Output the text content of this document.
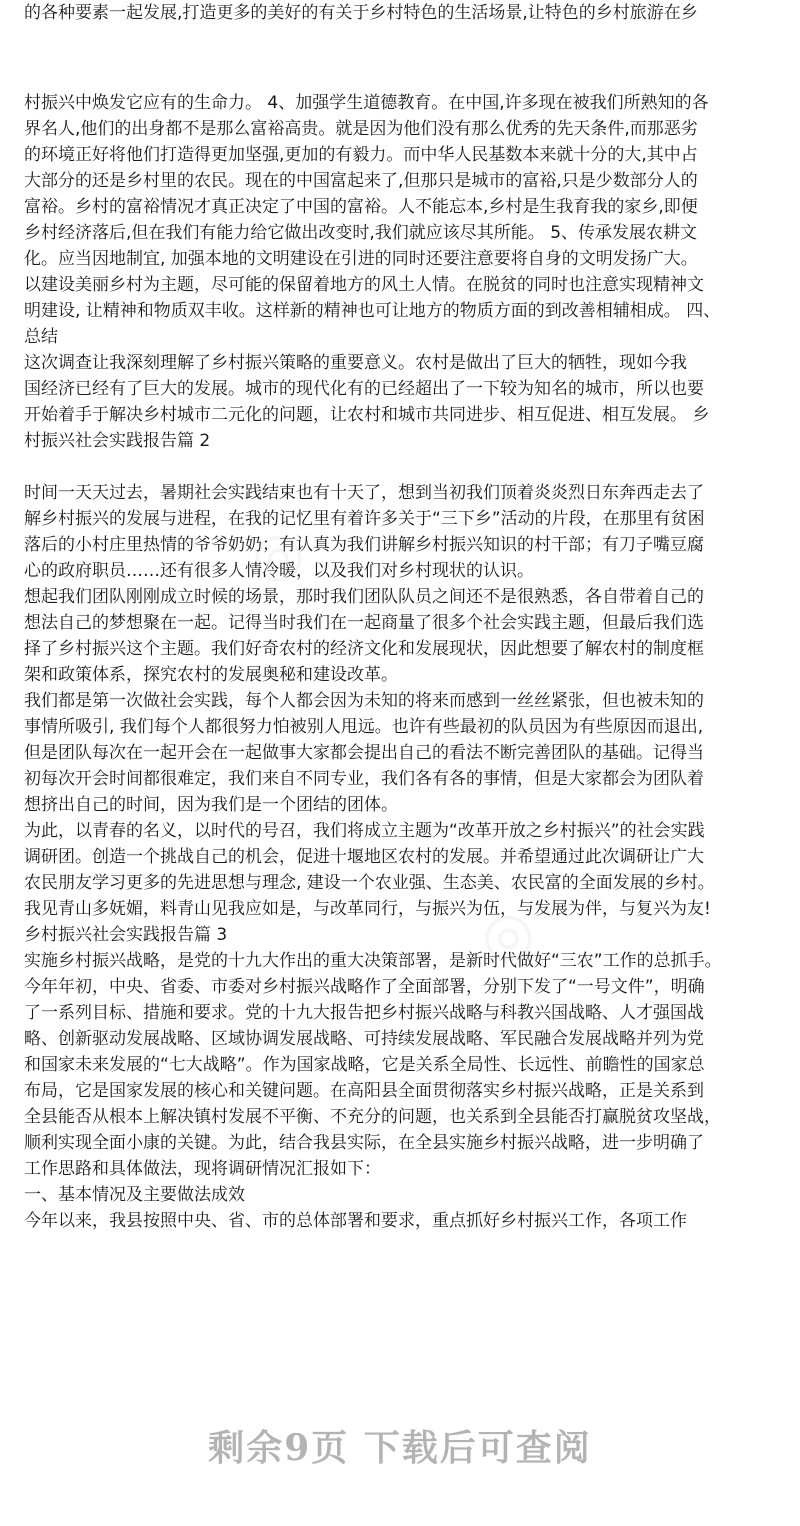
的各种要素一起发展,打造更多的美好的有关于乡村特色的生活场景,让特色的乡村旅游在乡
村振兴中焕发它应有的生命力。 4、加强学生道德教育。在中国,许多现在被我们所熟知的各
界名人,他们的出身都不是那么富裕高贵。就是因为他们没有那么优秀的先天条件,而那恶劣
的环境正好将他们打造得更加坚强,更加的有毅力。而中华人民基数本来就十分的大,其中占
大部分的还是乡村里的农民。现在的中国富起来了,但那只是城市的富裕,只是少数部分人的
富裕。乡村的富裕情况才真正决定了中国的富裕。人不能忘本,乡村是生我育我的家乡,即便
乡村经济落后,但在我们有能力给它做出改变时,我们就应该尽其所能。 5、传承发展农耕文
化。应当因地制宜, 加强本地的文明建设在引进的同时还要注意要将自身的文明发扬广大。
以建设美丽乡村为主题，尽可能的保留着地方的风土人情。在脱贫的同时也注意实现精神文
明建设, 让精神和物质双丰收。这样新的精神也可让地方的物质方面的到改善相辅相成。 四、
总结
这次调查让我深刻理解了乡村振兴策略的重要意义。农村是做出了巨大的牺牲，现如今我
国经济已经有了巨大的发展。城市的现代化有的已经超出了一下较为知名的城市，所以也要
开始着手于解决乡村城市二元化的问题，让农村和城市共同进步、相互促进、相互发展。 乡
村振兴社会实践报告篇 2
时间一天天过去，暑期社会实践结束也有十天了，想到当初我们顶着炎炎烈日东奔西走去了
解乡村振兴的发展与进程，在我的记忆里有着许多关于“三下乡”活动的片段，在那里有贫困
落后的小村庄里热情的爷爷奶奶；有认真为我们讲解乡村振兴知识的村干部；有刀子嘴豆腐
心的政府职员……还有很多人情冷暖，以及我们对乡村现状的认识。
想起我们团队刚刚成立时候的场景，那时我们团队队员之间还不是很熟悉，各自带着自己的
想法自己的梦想聚在一起。记得当时我们在一起商量了很多个社会实践主题，但最后我们选
择了乡村振兴这个主题。我们好奇农村的经济文化和发展现状，因此想要了解农村的制度框
架和政策体系，探究农村的发展奥秘和建设改革。
我们都是第一次做社会实践，每个人都会因为未知的将来而感到一丝丝紧张，但也被未知的
事情所吸引, 我们每个人都很努力怕被别人甩远。也许有些最初的队员因为有些原因而退出,
但是团队每次在一起开会在一起做事大家都会提出自己的看法不断完善团队的基础。记得当
初每次开会时间都很难定，我们来自不同专业，我们各有各的事情，但是大家都会为团队着
想挤出自己的时间，因为我们是一个团结的团体。
为此，以青春的名义，以时代的号召，我们将成立主题为“改革开放之乡村振兴”的社会实践
调研团。创造一个挑战自己的机会，促进十堰地区农村的发展。并希望通过此次调研让广大
农民朋友学习更多的先进思想与理念, 建设一个农业强、生态美、农民富的全面发展的乡村。
我见青山多妩媚，料青山见我应如是，与改革同行，与振兴为伍，与发展为伴，与复兴为友!
乡村振兴社会实践报告篇 3
实施乡村振兴战略，是党的十九大作出的重大决策部署，是新时代做好“三农”工作的总抓手。
今年年初，中央、省委、市委对乡村振兴战略作了全面部署，分别下发了“一号文件”，明确
了一系列目标、措施和要求。党的十九大报告把乡村振兴战略与科教兴国战略、人才强国战
略、创新驱动发展战略、区域协调发展战略、可持续发展战略、军民融合发展战略并列为党
和国家未来发展的“七大战略”。作为国家战略，它是关系全局性、长远性、前瞻性的国家总
布局，它是国家发展的核心和关键问题。在高阳县全面贯彻落实乡村振兴战略，正是关系到
全县能否从根本上解决镇村发展不平衡、不充分的问题，也关系到全县能否打赢脱贫攻坚战，
顺利实现全面小康的关键。为此，结合我县实际，在全县实施乡村振兴战略，进一步明确了
工作思路和具体做法，现将调研情况汇报如下：
一、基本情况及主要做法成效
今年以来，我县按照中央、省、市的总体部署和要求，重点抓好乡村振兴工作，各项工作
剩余9页 下载后可查阅
